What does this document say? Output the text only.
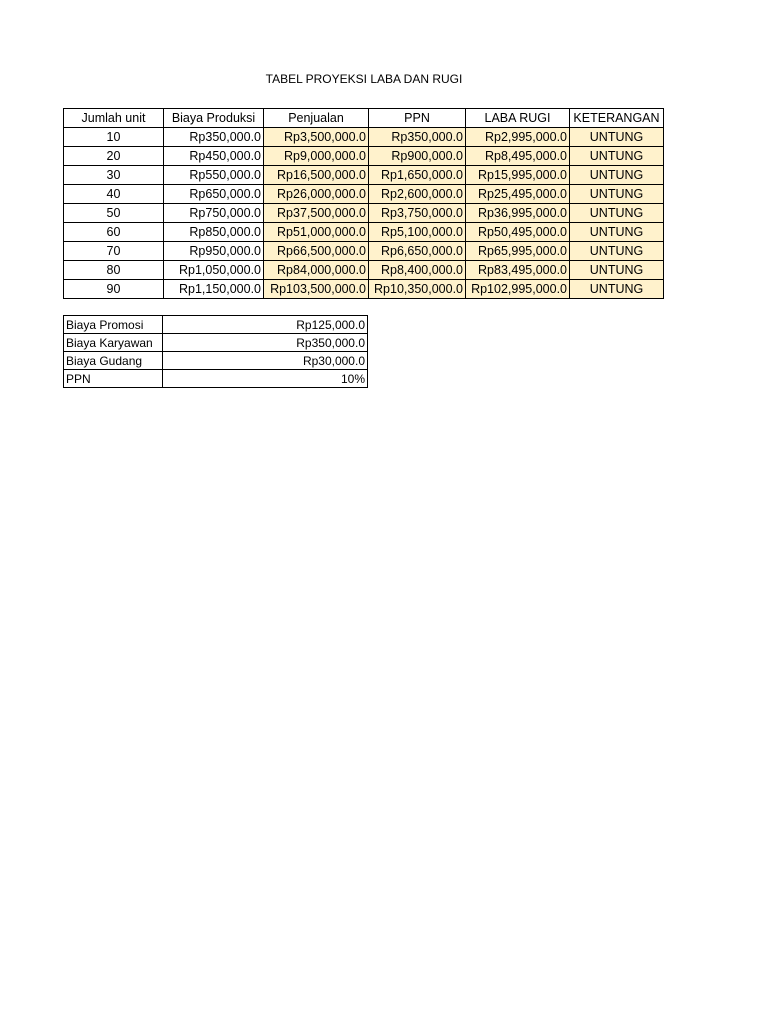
TABEL PROYEKSI LABA DAN RUGI
Jumlah unit	Biaya Produksi	Penjualan	PPN	LABA RUGI	KETERANGAN
10	Rp350,000.0	Rp3,500,000.0	Rp350,000.0	Rp2,995,000.0	UNTUNG
20	Rp450,000.0	Rp9,000,000.0	Rp900,000.0	Rp8,495,000.0	UNTUNG
30	Rp550,000.0	Rp16,500,000.0	Rp1,650,000.0	Rp15,995,000.0	UNTUNG
40	Rp650,000.0	Rp26,000,000.0	Rp2,600,000.0	Rp25,495,000.0	UNTUNG
50	Rp750,000.0	Rp37,500,000.0	Rp3,750,000.0	Rp36,995,000.0	UNTUNG
60	Rp850,000.0	Rp51,000,000.0	Rp5,100,000.0	Rp50,495,000.0	UNTUNG
70	Rp950,000.0	Rp66,500,000.0	Rp6,650,000.0	Rp65,995,000.0	UNTUNG
80	Rp1,050,000.0	Rp84,000,000.0	Rp8,400,000.0	Rp83,495,000.0	UNTUNG
90	Rp1,150,000.0	Rp103,500,000.0	Rp10,350,000.0	Rp102,995,000.0	UNTUNG
Biaya Promosi	Rp125,000.0
Biaya Karyawan	Rp350,000.0
Biaya Gudang	Rp30,000.0
PPN	10%
